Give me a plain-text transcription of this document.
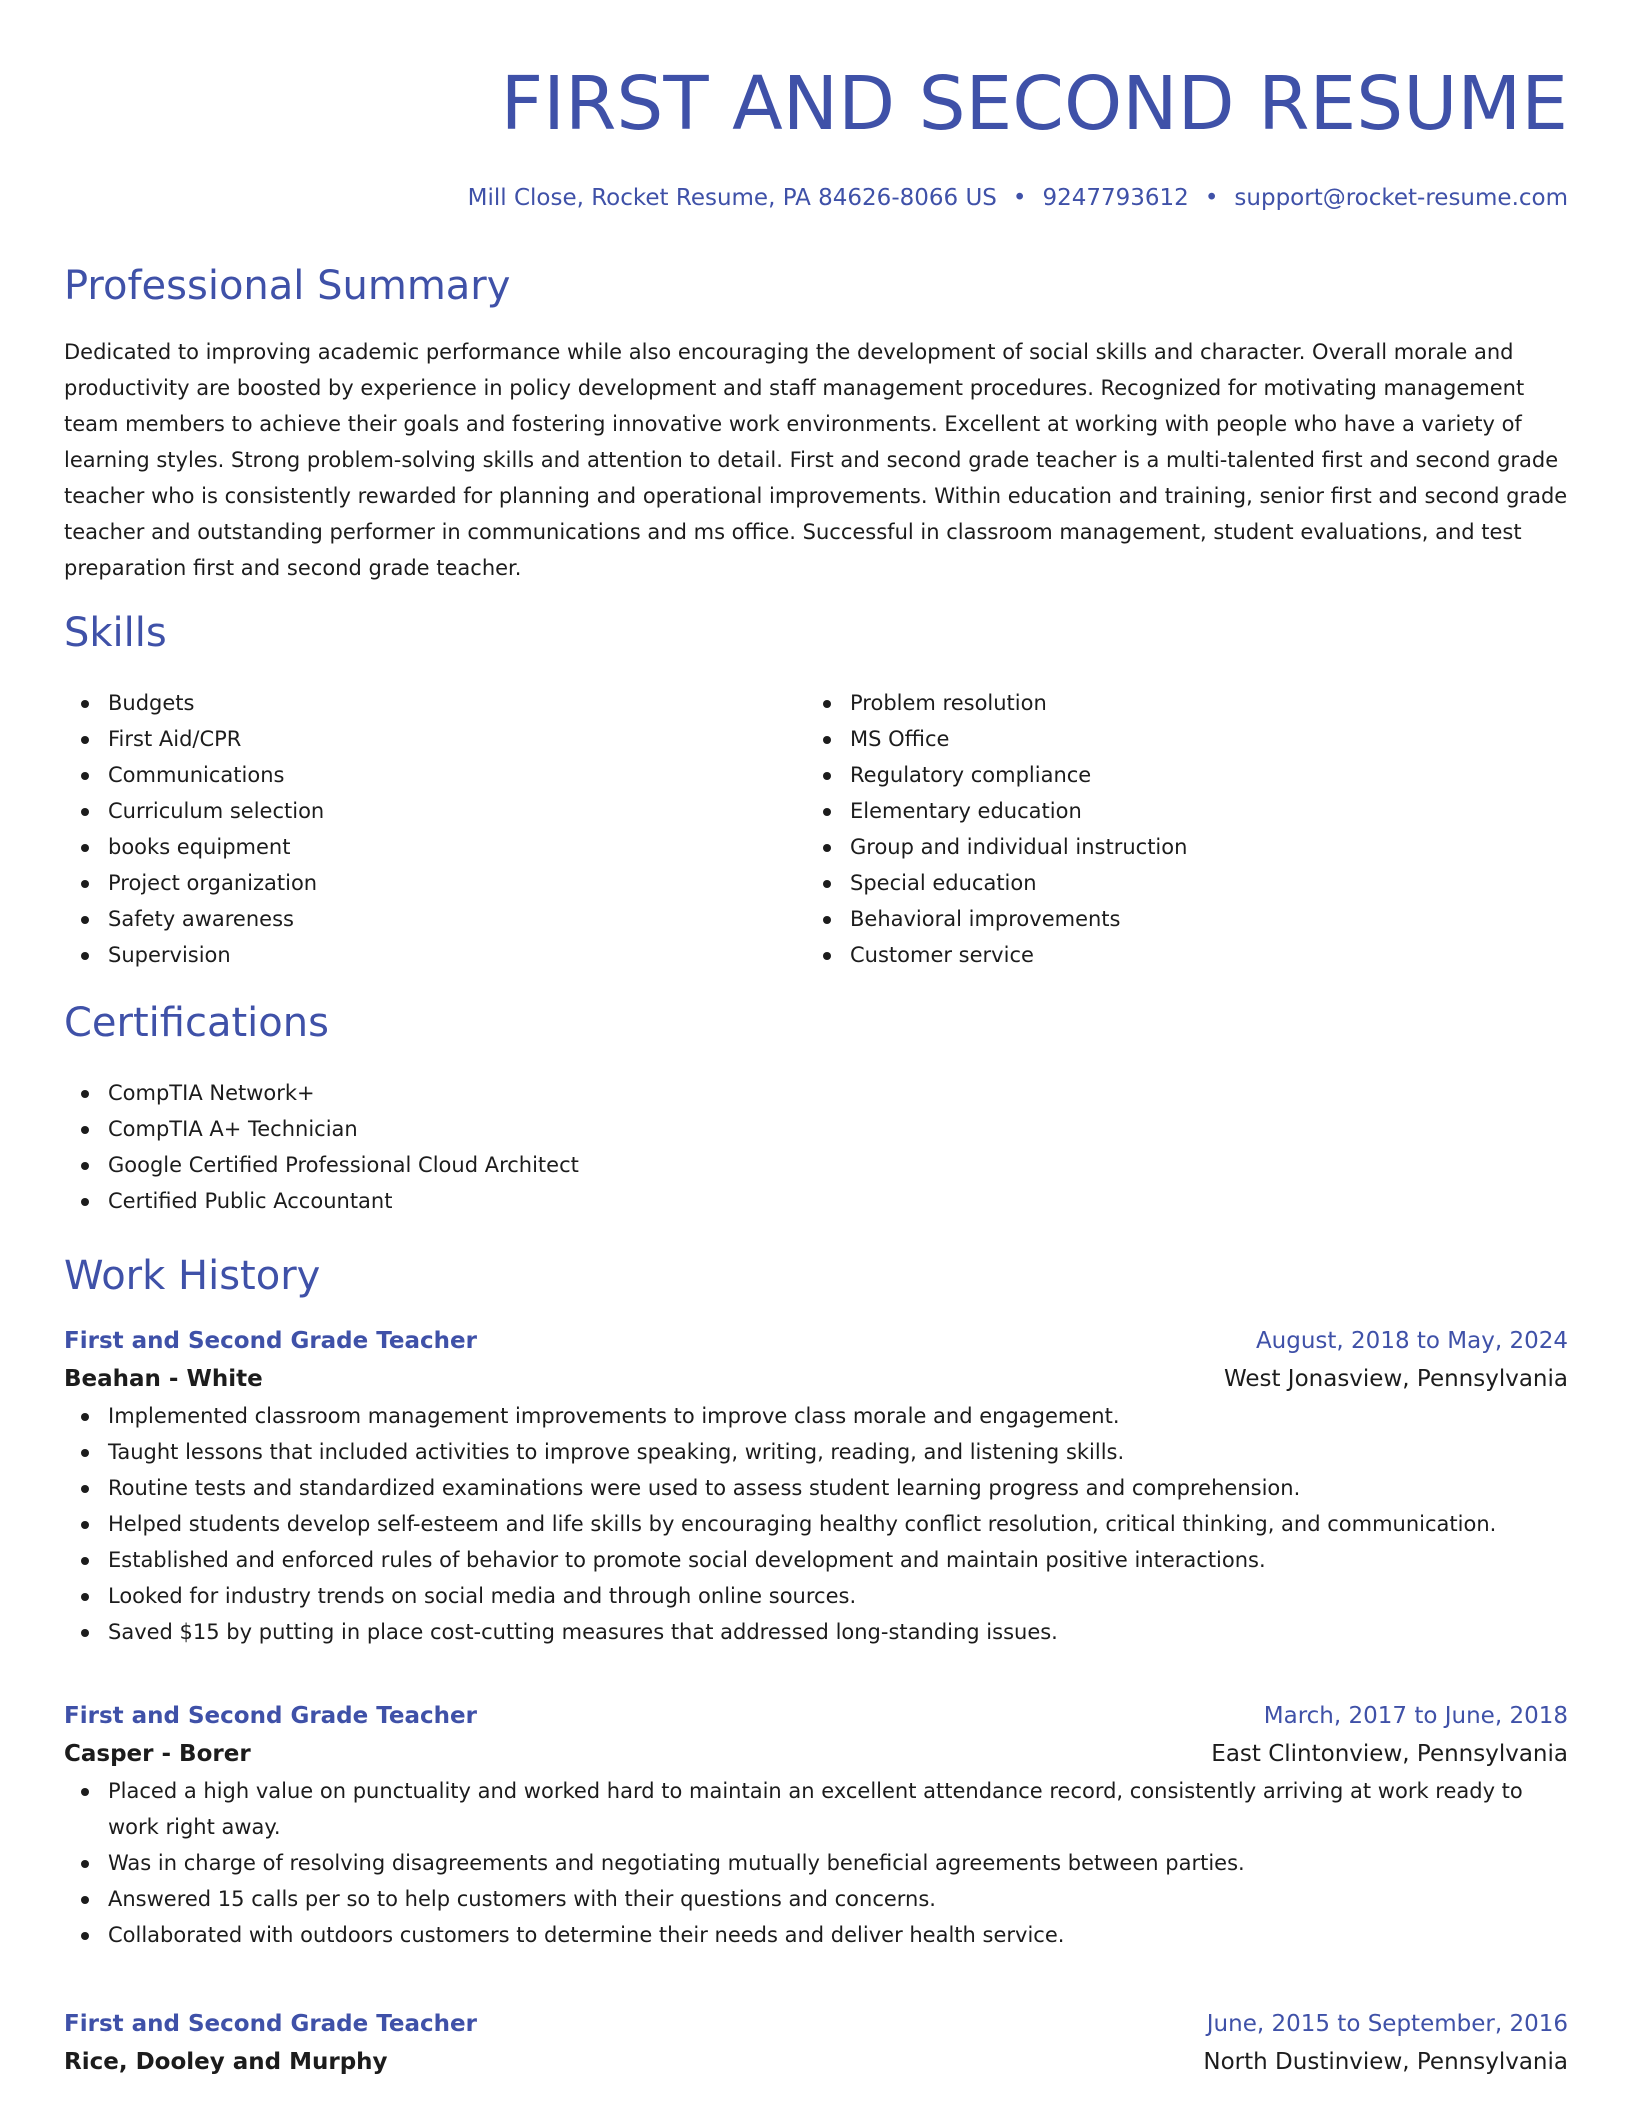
FIRST AND SECOND RESUME
Mill Close, Rocket Resume, PA 84626-8066 US • 9247793612 • support@rocket-resume.com
Professional Summary

Dedicated to improving academic performance while also encouraging the development of social skills and character. Overall morale and productivity are boosted by experience in policy development and staff management procedures. Recognized for motivating management team members to achieve their goals and fostering innovative work environments. Excellent at working with people who have a variety of learning styles. Strong problem-solving skills and attention to detail. First and second grade teacher is a multi-talented first and second grade teacher who is consistently rewarded for planning and operational improvements. Within education and training, senior first and second grade teacher and outstanding performer in communications and ms office. Successful in classroom management, student evaluations, and test preparation first and second grade teacher.

Skills
Budgets
First Aid/CPR
Communications
Curriculum selection
books equipment
Project organization
Safety awareness
Supervision
Problem resolution
MS Office
Regulatory compliance
Elementary education
Group and individual instruction
Special education
Behavioral improvements
Customer service
Certifications
CompTIA Network+
CompTIA A+ Technician
Google Certified Professional Cloud Architect
Certified Public Accountant
Work History
First and Second Grade Teacher	August, 2018 to May, 2024
Beahan - White	West Jonasview, Pennsylvania
Implemented classroom management improvements to improve class morale and engagement.
Taught lessons that included activities to improve speaking, writing, reading, and listening skills.
Routine tests and standardized examinations were used to assess student learning progress and comprehension.
Helped students develop self-esteem and life skills by encouraging healthy conflict resolution, critical thinking, and communication.
Established and enforced rules of behavior to promote social development and maintain positive interactions.
Looked for industry trends on social media and through online sources.
Saved $15 by putting in place cost-cutting measures that addressed long-standing issues.
First and Second Grade Teacher	March, 2017 to June, 2018
Casper - Borer	East Clintonview, Pennsylvania
Placed a high value on punctuality and worked hard to maintain an excellent attendance record, consistently arriving at work ready to work right away.
Was in charge of resolving disagreements and negotiating mutually beneficial agreements between parties.
Answered 15 calls per so to help customers with their questions and concerns.
Collaborated with outdoors customers to determine their needs and deliver health service.
First and Second Grade Teacher	June, 2015 to September, 2016
Rice, Dooley and Murphy	North Dustinview, Pennsylvania
